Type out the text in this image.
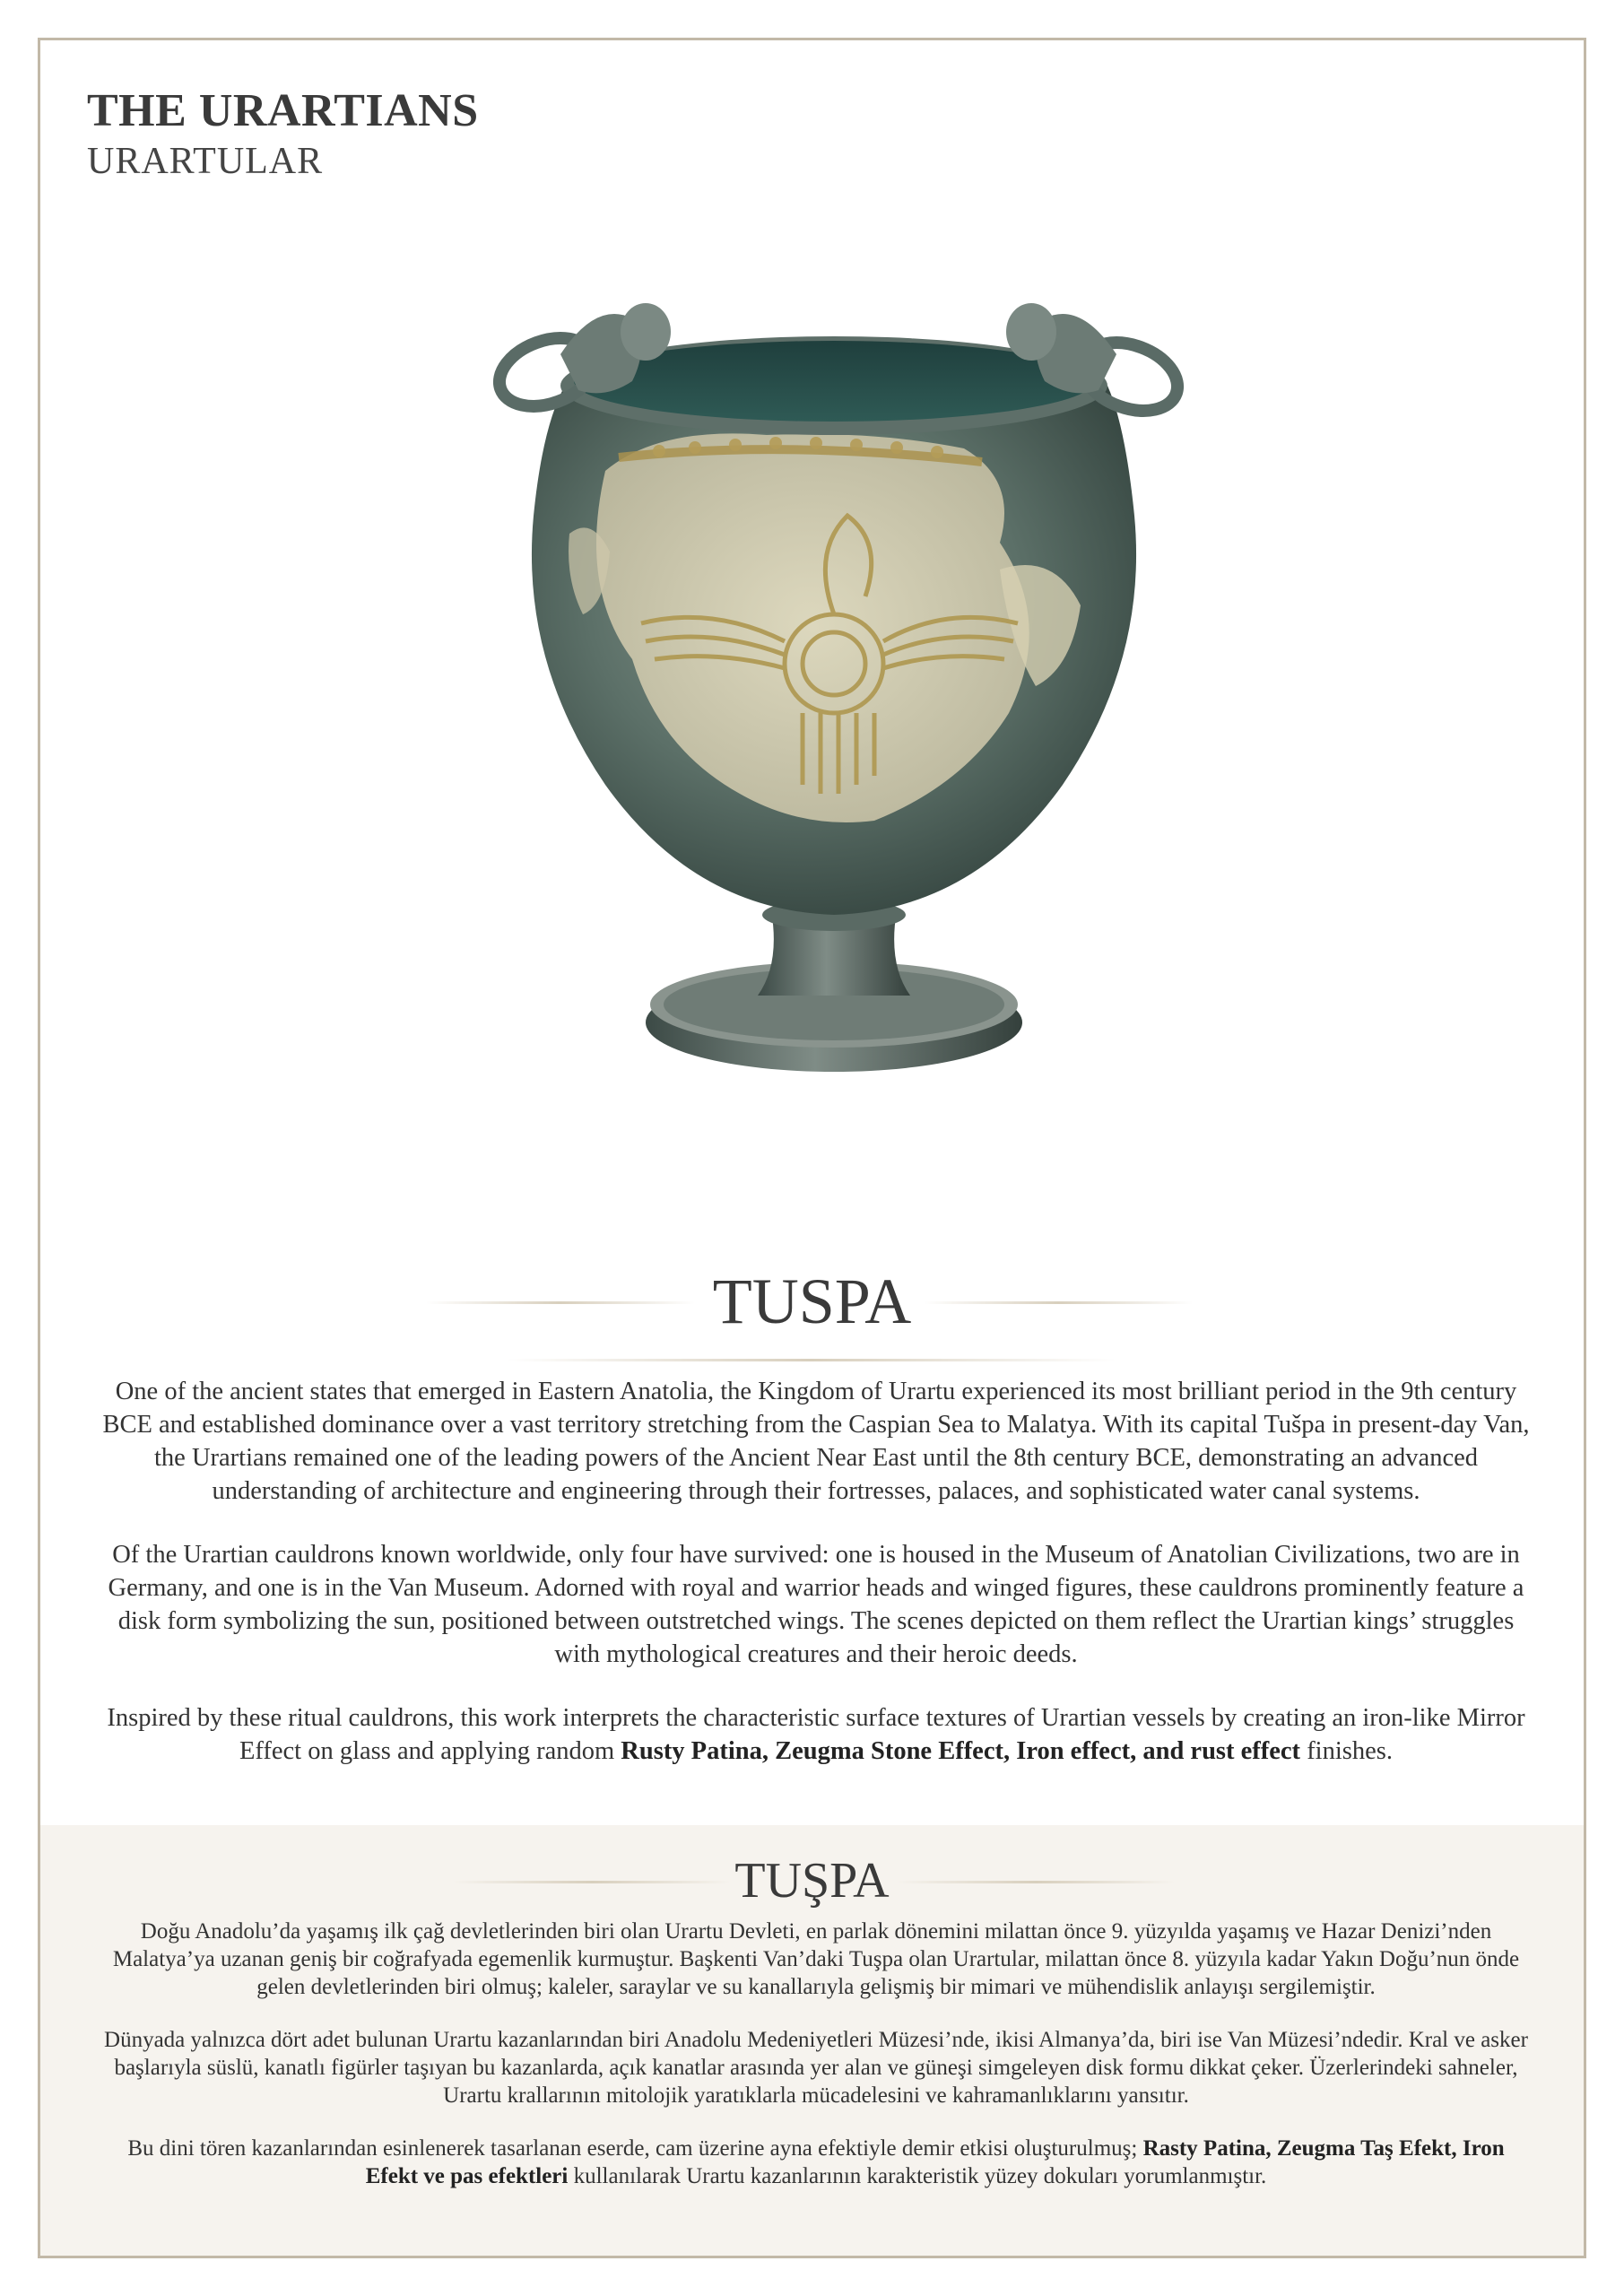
THE URARTIANS
URARTULAR
TUSPA

One of the ancient states that emerged in Eastern Anatolia, the Kingdom of Urartu experienced its most brilliant period in the 9th century BCE and established dominance over a vast territory stretching from the Caspian Sea to Malatya. With its capital Tušpa in present-day Van, the Urartians remained one of the leading powers of the Ancient Near East until the 8th century BCE, demonstrating an advanced understanding of architecture and engineering through their fortresses, palaces, and sophisticated water canal systems.

Of the Urartian cauldrons known worldwide, only four have survived: one is housed in the Museum of Anatolian Civilizations, two are in Germany, and one is in the Van Museum. Adorned with royal and warrior heads and winged figures, these cauldrons prominently feature a disk form symbolizing the sun, positioned between outstretched wings. The scenes depicted on them reflect the Urartian kings’ struggles with mythological creatures and their heroic deeds.

Inspired by these ritual cauldrons, this work interprets the characteristic surface textures of Urartian vessels by creating an iron-like Mirror Effect on glass and applying random Rusty Patina, Zeugma Stone Effect, Iron effect, and rust effect finishes.

TUŞPA

Doğu Anadolu’da yaşamış ilk çağ devletlerinden biri olan Urartu Devleti, en parlak dönemini milattan önce 9. yüzyılda yaşamış ve Hazar Denizi’nden Malatya’ya uzanan geniş bir coğrafyada egemenlik kurmuştur. Başkenti Van’daki Tuşpa olan Urartular, milattan önce 8. yüzyıla kadar Yakın Doğu’nun önde gelen devletlerinden biri olmuş; kaleler, saraylar ve su kanallarıyla gelişmiş bir mimari ve mühendislik anlayışı sergilemiştir.

Dünyada yalnızca dört adet bulunan Urartu kazanlarından biri Anadolu Medeniyetleri Müzesi’nde, ikisi Almanya’da, biri ise Van Müzesi’ndedir. Kral ve asker başlarıyla süslü, kanatlı figürler taşıyan bu kazanlarda, açık kanatlar arasında yer alan ve güneşi simgeleyen disk formu dikkat çeker. Üzerlerindeki sahneler, Urartu krallarının mitolojik yaratıklarla mücadelesini ve kahramanlıklarını yansıtır.

Bu dini tören kazanlarından esinlenerek tasarlanan eserde, cam üzerine ayna efektiyle demir etkisi oluşturulmuş; Rasty Patina, Zeugma Taş Efekt, Iron Efekt ve pas efektleri kullanılarak Urartu kazanlarının karakteristik yüzey dokuları yorumlanmıştır.
